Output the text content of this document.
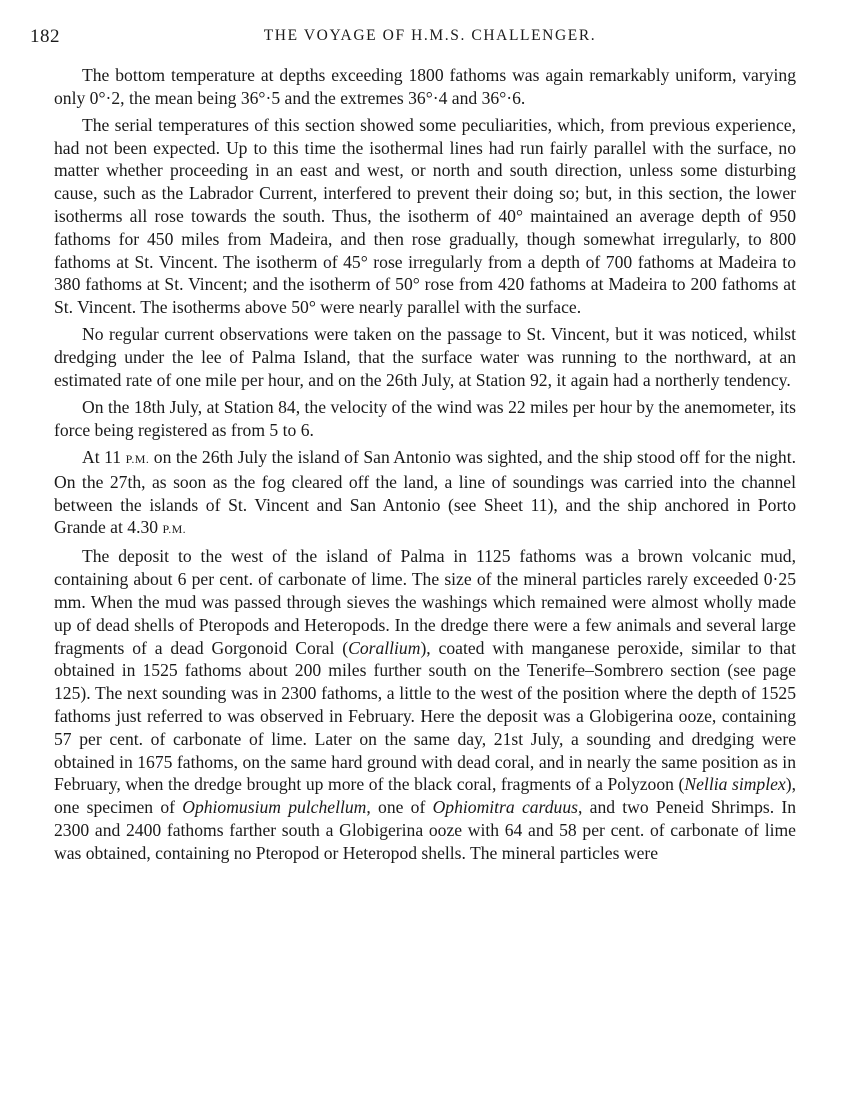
182	THE VOYAGE OF H.M.S. CHALLENGER.

The bottom temperature at depths exceeding 1800 fathoms was again remarkably uniform, varying only 0°·2, the mean being 36°·5 and the extremes 36°·4 and 36°·6.

The serial temperatures of this section showed some peculiarities, which, from previous experience, had not been expected. Up to this time the isothermal lines had run fairly parallel with the surface, no matter whether proceeding in an east and west, or north and south direction, unless some disturbing cause, such as the Labrador Current, interfered to prevent their doing so; but, in this section, the lower isotherms all rose towards the south. Thus, the isotherm of 40° maintained an average depth of 950 fathoms for 450 miles from Madeira, and then rose gradually, though somewhat irregularly, to 800 fathoms at St. Vincent. The isotherm of 45° rose irregularly from a depth of 700 fathoms at Madeira to 380 fathoms at St. Vincent; and the isotherm of 50° rose from 420 fathoms at Madeira to 200 fathoms at St. Vincent. The isotherms above 50° were nearly parallel with the surface.

No regular current observations were taken on the passage to St. Vincent, but it was noticed, whilst dredging under the lee of Palma Island, that the surface water was running to the northward, at an estimated rate of one mile per hour, and on the 26th July, at Station 92, it again had a northerly tendency.

On the 18th July, at Station 84, the velocity of the wind was 22 miles per hour by the anemometer, its force being registered as from 5 to 6.

At 11 P.M. on the 26th July the island of San Antonio was sighted, and the ship stood off for the night. On the 27th, as soon as the fog cleared off the land, a line of soundings was carried into the channel between the islands of St. Vincent and San Antonio (see Sheet 11), and the ship anchored in Porto Grande at 4.30 P.M.

The deposit to the west of the island of Palma in 1125 fathoms was a brown volcanic mud, containing about 6 per cent. of carbonate of lime. The size of the mineral particles rarely exceeded 0·25 mm. When the mud was passed through sieves the washings which remained were almost wholly made up of dead shells of Pteropods and Heteropods. In the dredge there were a few animals and several large fragments of a dead Gorgonoid Coral (Corallium), coated with manganese peroxide, similar to that obtained in 1525 fathoms about 200 miles further south on the Tenerife–Sombrero section (see page 125). The next sounding was in 2300 fathoms, a little to the west of the position where the depth of 1525 fathoms just referred to was observed in February. Here the deposit was a Globigerina ooze, containing 57 per cent. of carbonate of lime. Later on the same day, 21st July, a sounding and dredging were obtained in 1675 fathoms, on the same hard ground with dead coral, and in nearly the same position as in February, when the dredge brought up more of the black coral, fragments of a Polyzoon (Nellia simplex), one specimen of Ophiomusium pulchellum, one of Ophiomitra carduus, and two Peneid Shrimps. In 2300 and 2400 fathoms farther south a Globigerina ooze with 64 and 58 per cent. of carbonate of lime was obtained, containing no Pteropod or Heteropod shells. The mineral particles were
